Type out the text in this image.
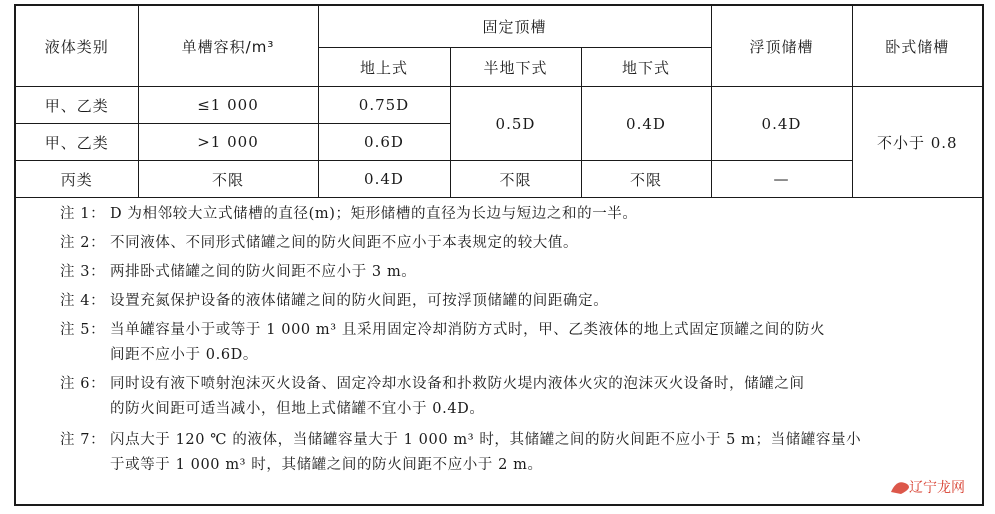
液体类别	单槽容积/m³	固定顶槽			浮顶储槽	卧式储槽
		地上式	半地下式	地下式		
甲、乙类	≤1 000	0.75D	0.5D	0.4D	0.4D	不小于 0.8
甲、乙类	>1 000	0.6D				
丙类	不限	0.4D	不限	不限	—	
注 1： D 为相邻较大立式储槽的直径(m)；矩形储槽的直径为长边与短边之和的一半。
注 2： 不同液体、不同形式储罐之间的防火间距不应小于本表规定的较大值。
注 3： 两排卧式储罐之间的防火间距不应小于 3 m。
注 4： 设置充氮保护设备的液体储罐之间的防火间距，可按浮顶储罐的间距确定。
注 5： 当单罐容量小于或等于 1 000 m³ 且采用固定冷却消防方式时，甲、乙类液体的地上式固定顶罐之间的防火
间距不应小于 0.6D。
注 6： 同时设有液下喷射泡沫灭火设备、固定冷却水设备和扑救防火堤内液体火灾的泡沫灭火设备时，储罐之间
的防火间距可适当减小，但地上式储罐不宜小于 0.4D。
注 7： 闪点大于 120 ℃ 的液体，当储罐容量大于 1 000 m³ 时，其储罐之间的防火间距不应小于 5 m；当储罐容量小
于或等于 1 000 m³ 时，其储罐之间的防火间距不应小于 2 m。
辽宁龙网
